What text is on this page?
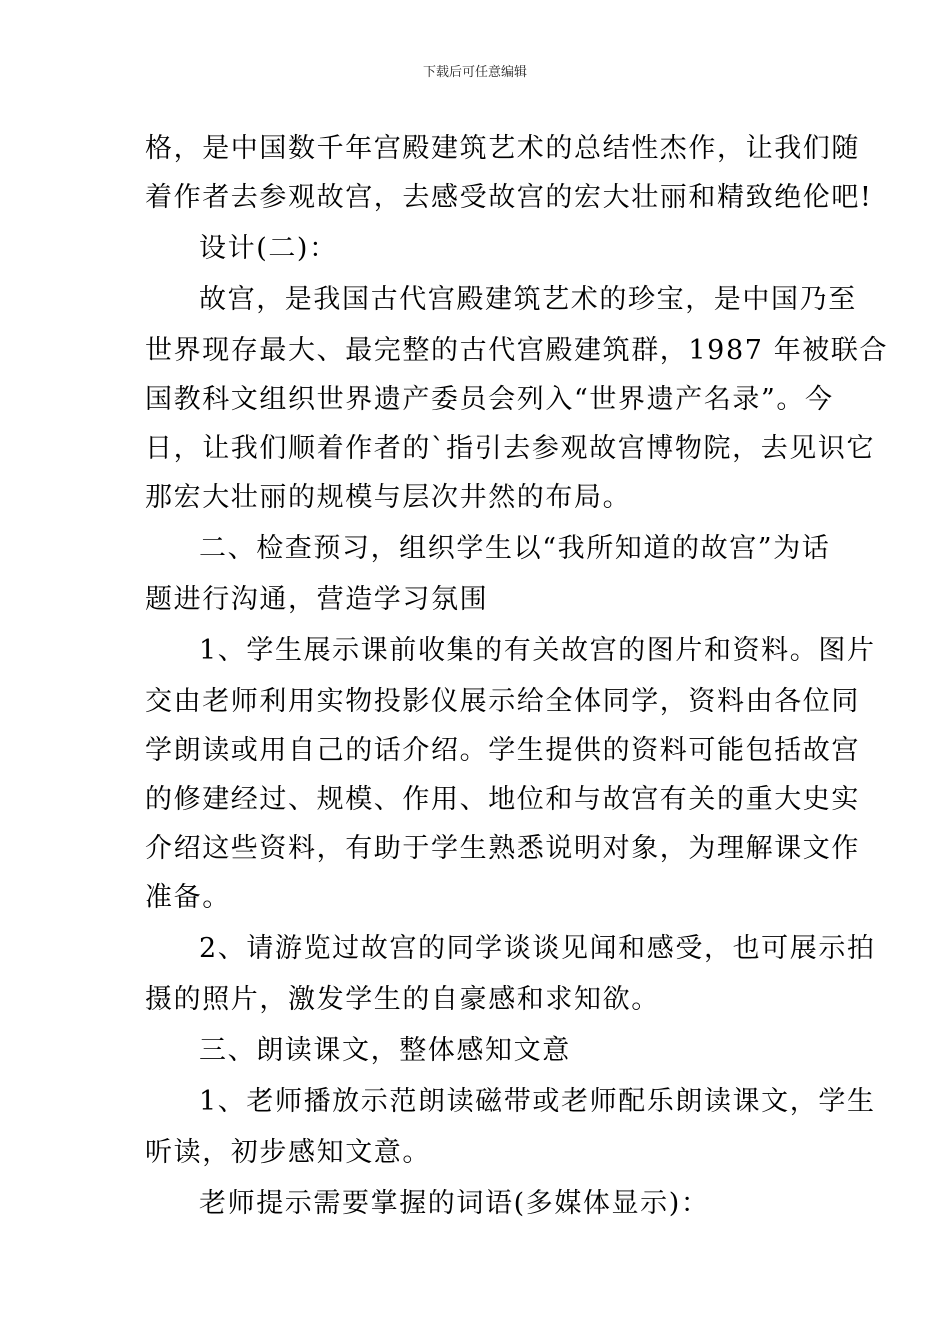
下载后可任意编辑
格，是中国数千年宫殿建筑艺术的总结性杰作，让我们随
着作者去参观故宫，去感受故宫的宏大壮丽和精致绝伦吧!
设计(二)：
故宫，是我国古代宫殿建筑艺术的珍宝，是中国乃至
世界现存最大、最完整的古代宫殿建筑群，1987 年被联合
国教科文组织世界遗产委员会列入“世界遗产名录”。今
日，让我们顺着作者的`指引去参观故宫博物院，去见识它
那宏大壮丽的规模与层次井然的布局。
二、检查预习，组织学生以“我所知道的故宫”为话
题进行沟通，营造学习氛围
1、学生展示课前收集的有关故宫的图片和资料。图片
交由老师利用实物投影仪展示给全体同学，资料由各位同
学朗读或用自己的话介绍。学生提供的资料可能包括故宫
的修建经过、规模、作用、地位和与故宫有关的重大史实
介绍这些资料，有助于学生熟悉说明对象，为理解课文作
准备。
2、请游览过故宫的同学谈谈见闻和感受，也可展示拍
摄的照片，激发学生的自豪感和求知欲。
三、朗读课文，整体感知文意
1、老师播放示范朗读磁带或老师配乐朗读课文，学生
听读，初步感知文意。
老师提示需要掌握的词语(多媒体显示)：
